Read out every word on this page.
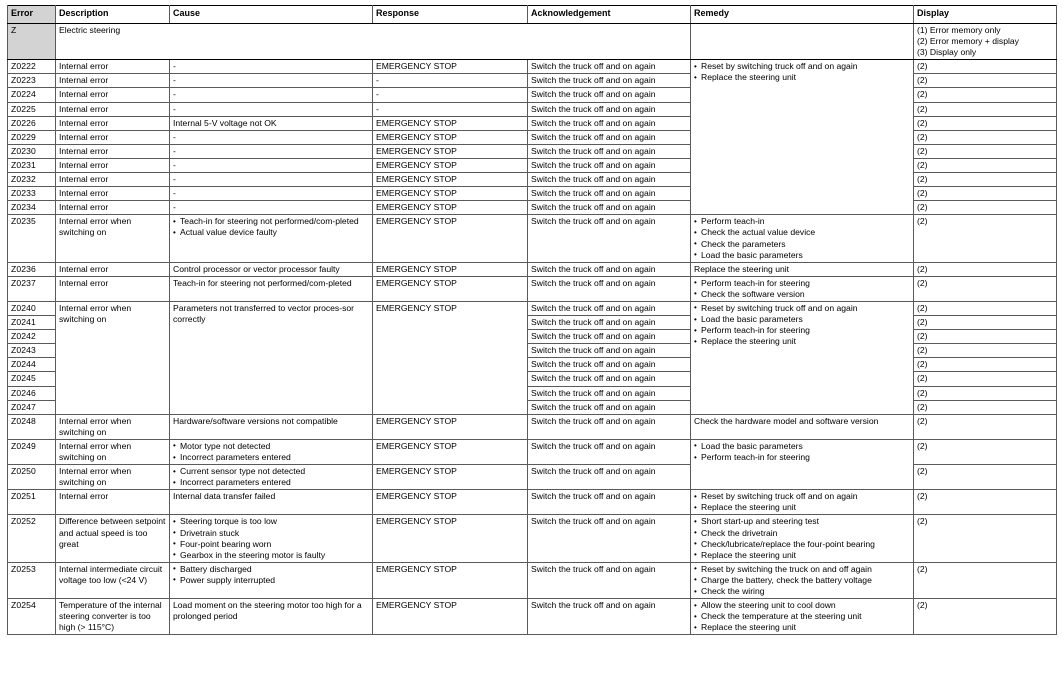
Error	Description	Cause	Response	Acknowledgement	Remedy	Display
Z	Electric steering					(1) Error memory only
(2) Error memory + display
(3) Display only

Z0222	Internal error	-	EMERGENCY STOP	Switch the truck off and on again	
•Reset by switching truck off and on again
• Replace the steering unit
	(2)
Z0223	Internal error	-	-	Switch the truck off and on again		(2)
Z0224	Internal error	-	-	Switch the truck off and on again		(2)
Z0225	Internal error	-	-	Switch the truck off and on again		(2)
Z0226	Internal error	Internal 5-V voltage not OK	EMERGENCY STOP	Switch the truck off and on again		(2)
Z0229	Internal error	-	EMERGENCY STOP	Switch the truck off and on again		(2)
Z0230	Internal error	-	EMERGENCY STOP	Switch the truck off and on again		(2)
Z0231	Internal error	-	EMERGENCY STOP	Switch the truck off and on again		(2)
Z0232	Internal error	-	EMERGENCY STOP	Switch the truck off and on again		(2)
Z0233	Internal error	-	EMERGENCY STOP	Switch the truck off and on again		(2)
Z0234	Internal error	-	EMERGENCY STOP	Switch the truck off and on again		(2)
Z0235	Internal error when switching on	
• Teach-in for steering not performed/com-pleted
• Actual value device faulty
	EMERGENCY STOP	Switch the truck off and on again	
•Perform teach-in
• Check the actual value device
• Check the parameters
• Load the basic parameters
	(2)
Z0236	Internal error	Control processor or vector processor faulty	EMERGENCY STOP	Switch the truck off and on again	Replace the steering unit	(2)
Z0237	Internal error	Teach-in for steering not performed/com-pleted	EMERGENCY STOP	Switch the truck off and on again	
•Perform teach-in for steering
• Check the software version
	(2)
Z0240	Internal error when switching on	Parameters not transferred to vector proces-sor correctly	EMERGENCY STOP	Switch the truck off and on again	
•Reset by switching truck off and on again
• Load the basic parameters
• Perform teach-in for steering
• Replace the steering unit
	(2)
Z0241				Switch the truck off and on again		(2)
Z0242				Switch the truck off and on again		(2)
Z0243				Switch the truck off and on again		(2)
Z0244				Switch the truck off and on again		(2)
Z0245				Switch the truck off and on again		(2)
Z0246				Switch the truck off and on again		(2)
Z0247				Switch the truck off and on again		(2)
Z0248	Internal error when switching on	Hardware/software versions not compatible	EMERGENCY STOP	Switch the truck off and on again	Check the hardware model and software version	(2)
Z0249	Internal error when switching on	
• Motor type not detected
• Incorrect parameters entered
	EMERGENCY STOP	Switch the truck off and on again	
•Load the basic parameters
• Perform teach-in for steering
	(2)
Z0250	Internal error when switching on	
• Current sensor type not detected
• Incorrect parameters entered
	EMERGENCY STOP	Switch the truck off and on again	(2)
Z0251	Internal error	Internal data transfer failed	EMERGENCY STOP	Switch the truck off and on again	
•Reset by switching truck off and on again
• Replace the steering unit
	(2)
Z0252	Difference between setpoint and actual speed is too great	
• Steering torque is too low
• Drivetrain stuck
• Four-point bearing worn
• Gearbox in the steering motor is faulty
	EMERGENCY STOP	Switch the truck off and on again	
•Short start-up and steering test
• Check the drivetrain
• Check/lubricate/replace the four-point bearing
• Replace the steering unit
	(2)
Z0253	Internal intermediate circuit voltage too low (<24 V)	
• Battery discharged
• Power supply interrupted
	EMERGENCY STOP	Switch the truck off and on again	
•Reset by switching the truck on and off again
• Charge the battery, check the battery voltage
• Check the wiring
	(2)
Z0254	Temperature of the internal steering converter is too high (> 115°C)	Load moment on the steering motor too high for a prolonged period	EMERGENCY STOP	Switch the truck off and on again	
•Allow the steering unit to cool down
• Check the temperature at the steering unit
• Replace the steering unit
	(2)
